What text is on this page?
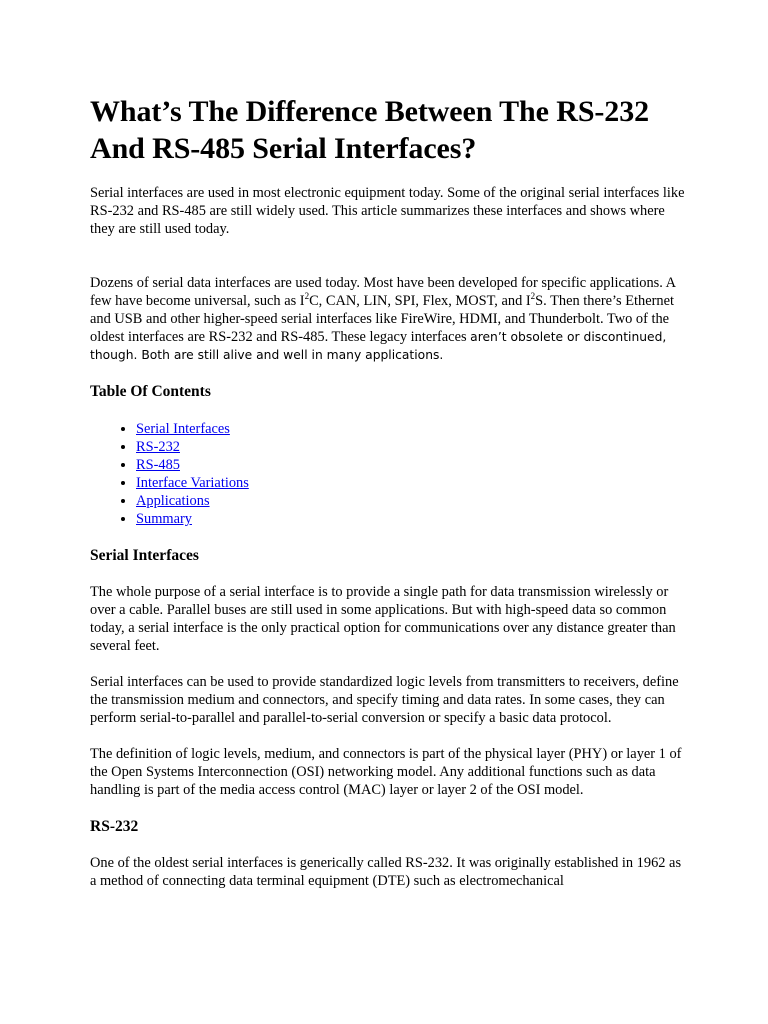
What’s The Difference Between The RS-232 And RS-485 Serial Interfaces?

Serial interfaces are used in most electronic equipment today. Some of the original serial interfaces like RS-232 and RS-485 are still widely used. This article summarizes these interfaces and shows where they are still used today.

Dozens of serial data interfaces are used today. Most have been developed for specific applications. A few have become universal, such as $I^2C$, CAN, LIN, SPI, Flex, MOST, and $I^2S$. Then there’s Ethernet and USB and other higher-speed serial interfaces like FireWire, HDMI, and Thunderbolt. Two of the oldest interfaces are RS-232 and RS-485. These legacy interfaces aren’t obsolete or discontinued, though. Both are still alive and well in many applications.

Table Of Contents
• Serial Interfaces
• RS-232
• RS-485
• Interface Variations
• Applications
• Summary
Serial Interfaces

The whole purpose of a serial interface is to provide a single path for data transmission wirelessly or over a cable. Parallel buses are still used in some applications. But with high-speed data so common today, a serial interface is the only practical option for communications over any distance greater than several feet.

Serial interfaces can be used to provide standardized logic levels from transmitters to receivers, define the transmission medium and connectors, and specify timing and data rates. In some cases, they can perform serial-to-parallel and parallel-to-serial conversion or specify a basic data protocol.

The definition of logic levels, medium, and connectors is part of the physical layer (PHY) or layer 1 of the Open Systems Interconnection (OSI) networking model. Any additional functions such as data handling is part of the media access control (MAC) layer or layer 2 of the OSI model.

RS-232

One of the oldest serial interfaces is generically called RS-232. It was originally established in 1962 as a method of connecting data terminal equipment (DTE) such as electromechanical
